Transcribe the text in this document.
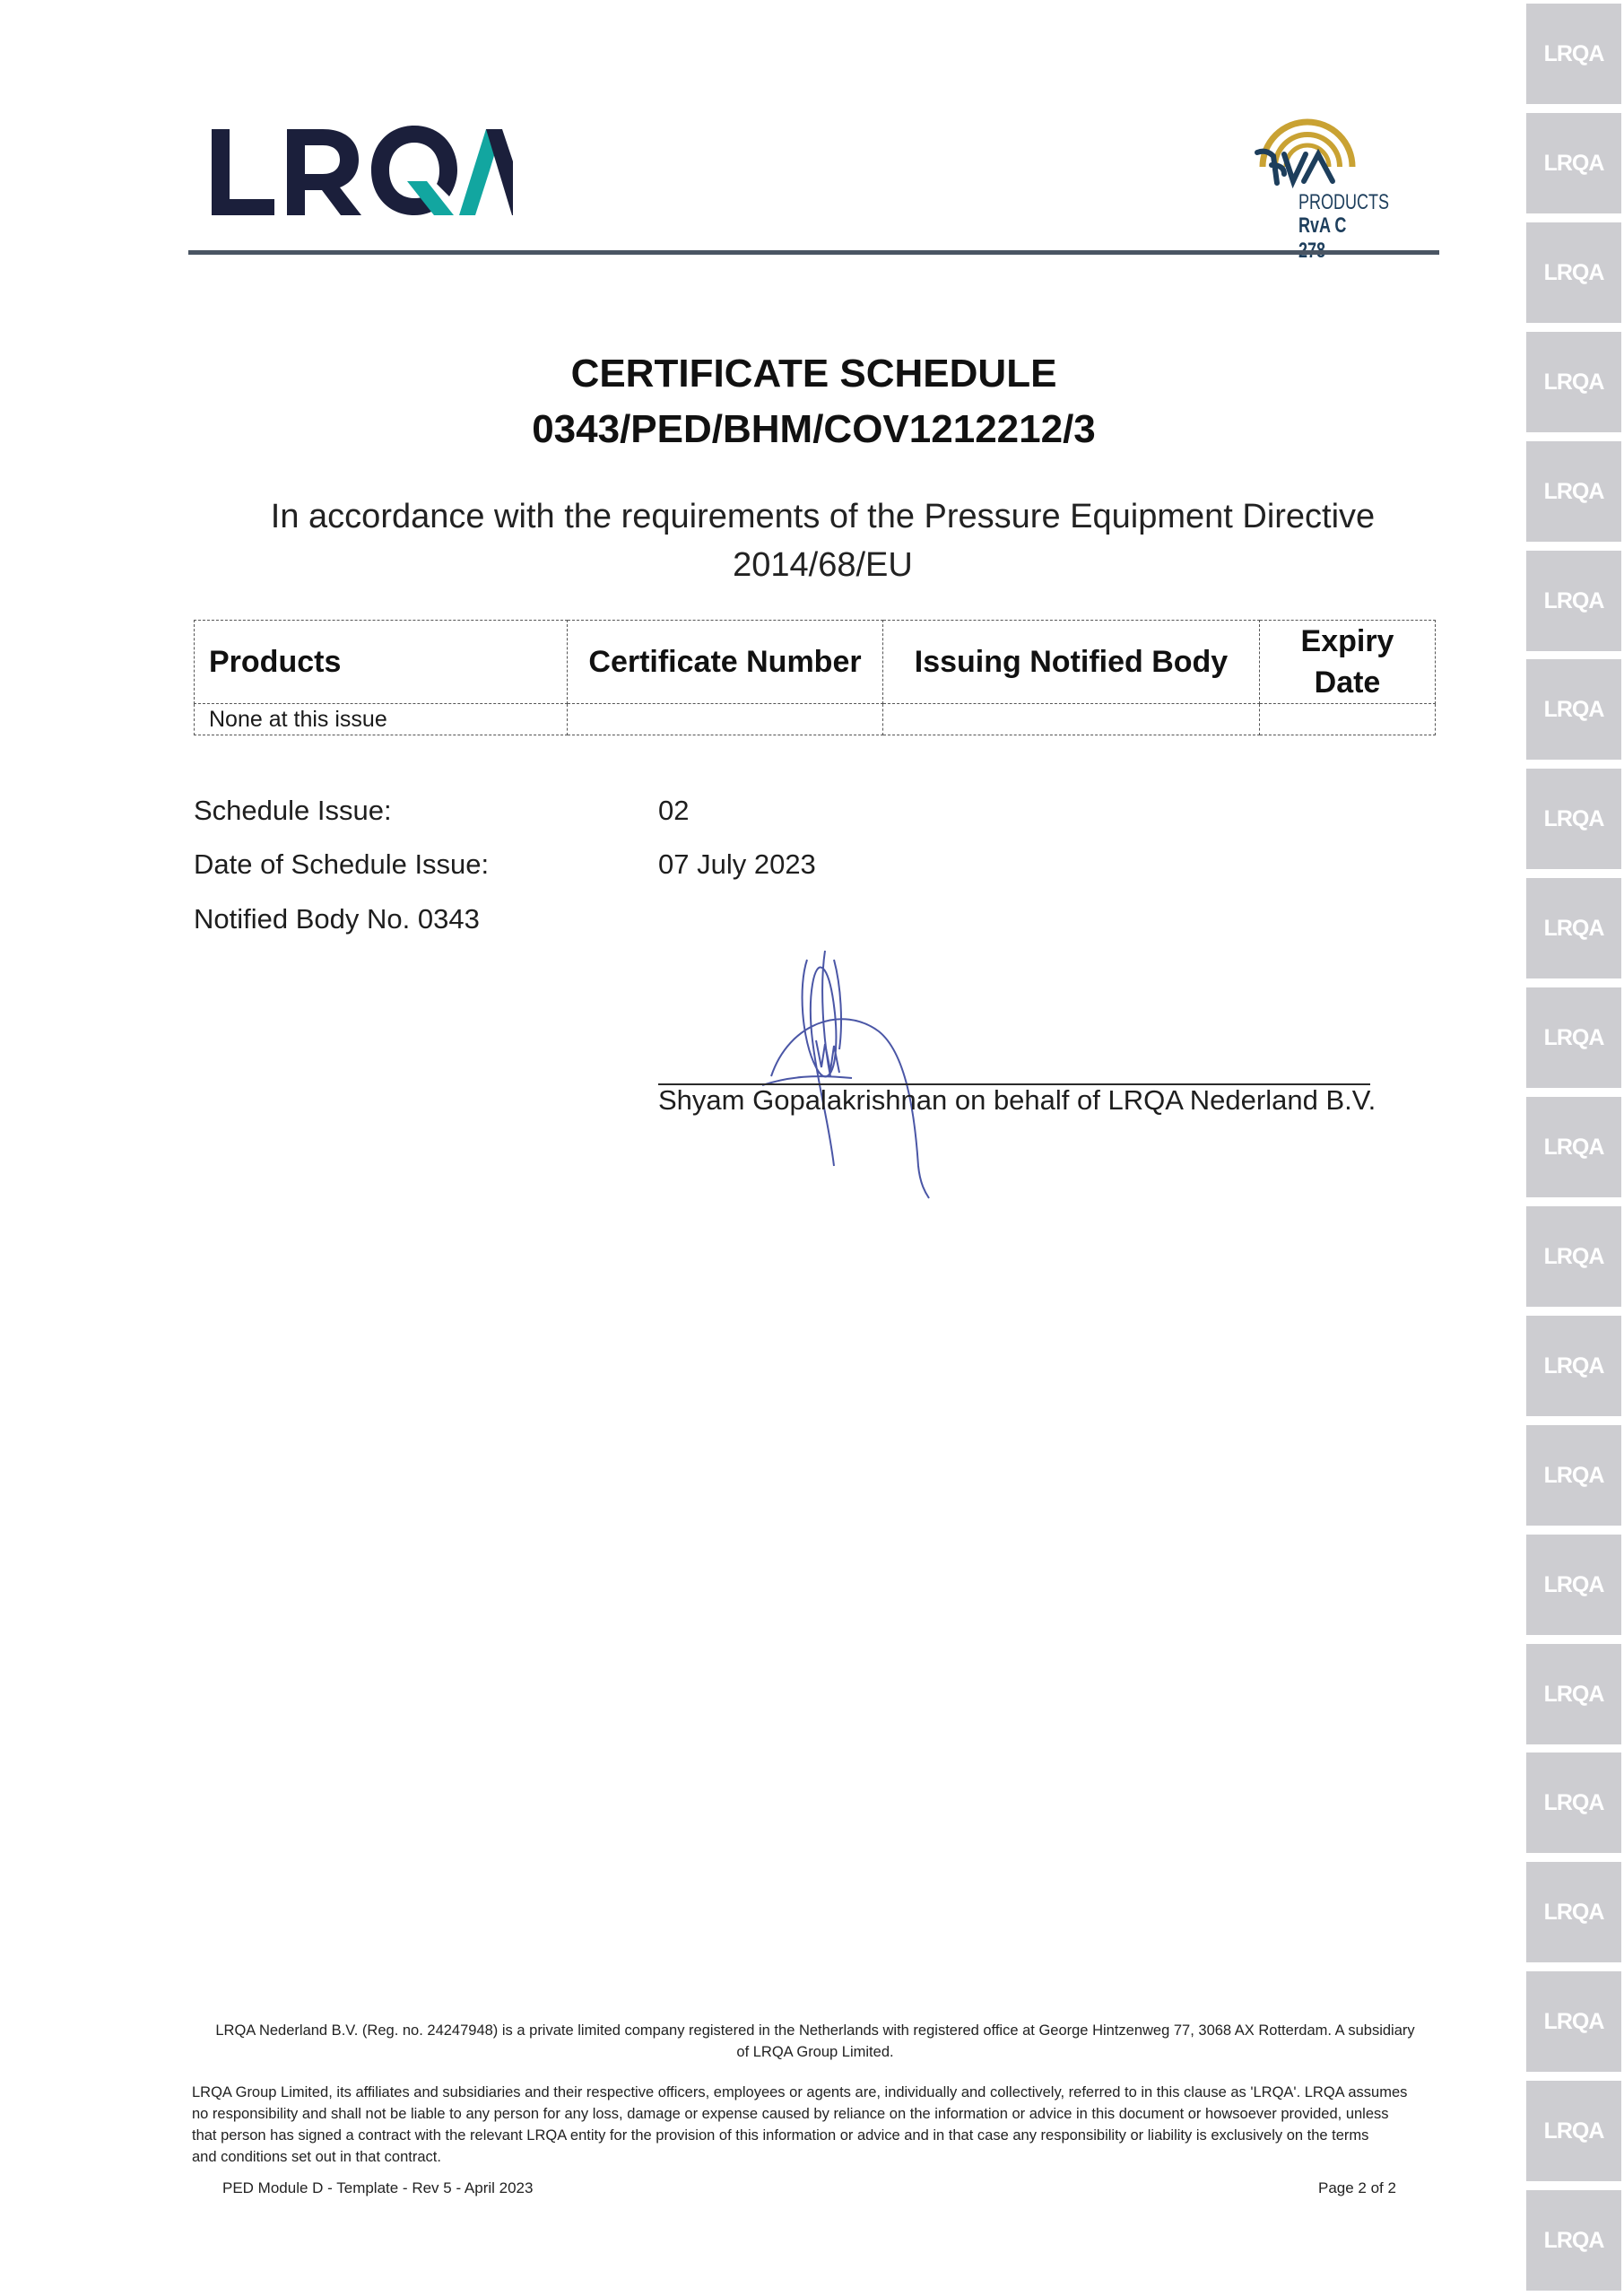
LRQA
LRQA
LRQA
LRQA
LRQA
LRQA
LRQA
LRQA
LRQA
LRQA
LRQA
LRQA
LRQA
LRQA
LRQA
LRQA
LRQA
LRQA
LRQA
LRQA
LRQA
PRODUCTS
RvA C
CERTIFICATE SCHEDULE
0343/PED/BHM/COV1212212/3
In accordance with the requirements of the Pressure Equipment Directive
2014/68/EU
Products	Certificate Number	Issuing Notified Body	Expiry
Date
None at this issue			
Schedule Issue:	02
Date of Schedule Issue:	07 July 2023
Notified Body No. 0343
Shyam Gopalakrishnan on behalf of LRQA Nederland B.V.
LRQA Nederland B.V. (Reg. no. 24247948) is a private limited company registered in the Netherlands with registered office at George Hintzenweg 77, 3068 AX Rotterdam. A subsidiary
of LRQA Group Limited.
LRQA Group Limited, its affiliates and subsidiaries and their respective officers, employees or agents are, individually and collectively, referred to in this clause as 'LRQA'. LRQA assumes
no responsibility and shall not be liable to any person for any loss, damage or expense caused by reliance on the information or advice in this document or howsoever provided, unless
that person has signed a contract with the relevant LRQA entity for the provision of this information or advice and in that case any responsibility or liability is exclusively on the terms
and conditions set out in that contract.
PED Module D - Template - Rev 5 - April 2023	Page 2 of 2
